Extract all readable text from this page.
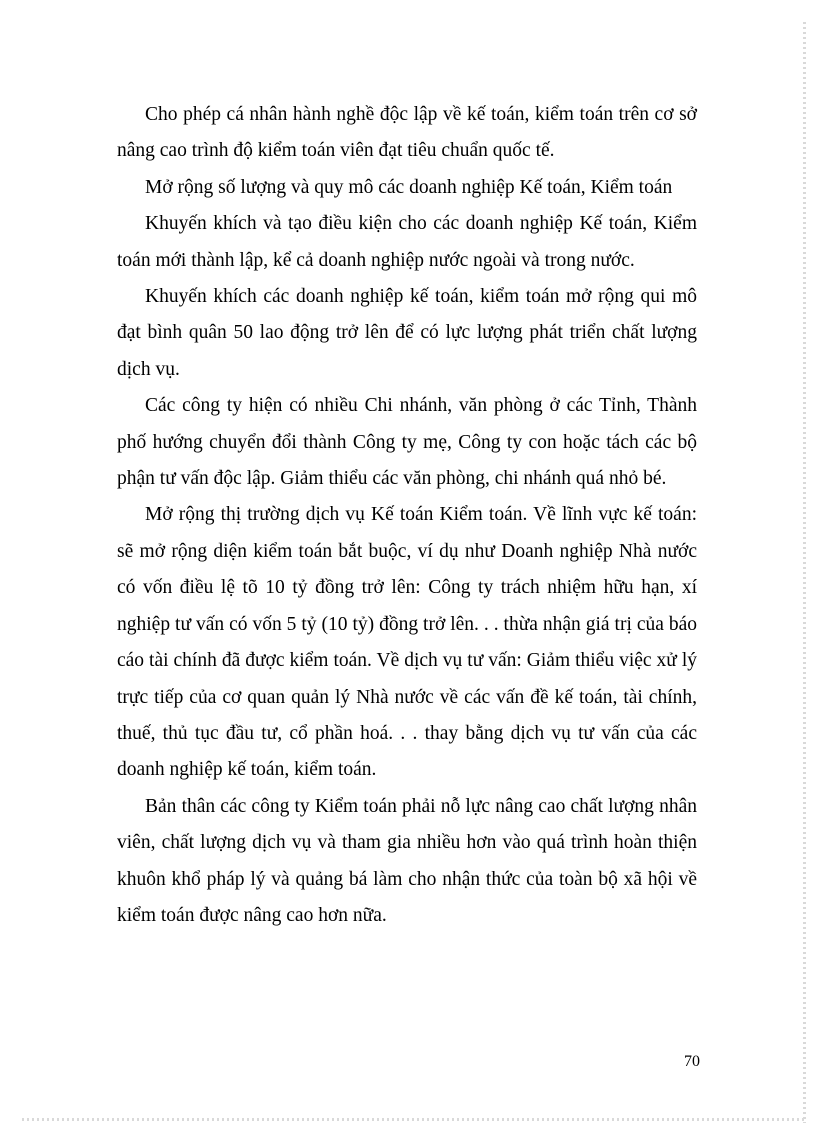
Cho phép cá nhân hành nghề độc lập về kế toán, kiểm toán trên cơ sở nâng cao trình độ kiểm toán viên đạt tiêu chuẩn quốc tế.

Mở rộng số lượng và quy mô các doanh nghiệp Kế toán, Kiểm toán

Khuyến khích và tạo điều kiện cho các doanh nghiệp Kế toán, Kiểm toán mới thành lập, kể cả doanh nghiệp nước ngoài và trong nước.

Khuyến khích các doanh nghiệp kế toán, kiểm toán mở rộng qui mô đạt bình quân 50 lao động trở lên để có lực lượng phát triển chất lượng dịch vụ.

Các công ty hiện có nhiều Chi nhánh, văn phòng ở các Tỉnh, Thành phố hướng chuyển đổi thành Công ty mẹ, Công ty con hoặc tách các bộ phận tư vấn độc lập. Giảm thiểu các văn phòng, chi nhánh quá nhỏ bé.

Mở rộng thị trường dịch vụ Kế toán Kiểm toán. Về lĩnh vực kế toán: sẽ mở rộng diện kiểm toán bắt buộc, ví dụ như Doanh nghiệp Nhà nước có vốn điều lệ tõ 10 tỷ đồng trở lên: Công ty trách nhiệm hữu hạn, xí nghiệp tư vấn có vốn 5 tỷ (10 tỷ) đồng trở lên. . . thừa nhận giá trị của báo cáo tài chính đã được kiểm toán. Về dịch vụ tư vấn: Giảm thiểu việc xử lý trực tiếp của cơ quan quản lý Nhà nước về các vấn đề kế toán, tài chính, thuế, thủ tục đầu tư, cổ phần hoá. . . thay bằng dịch vụ tư vấn của các doanh nghiệp kế toán, kiểm toán.

Bản thân các công ty Kiểm toán phải nỗ lực nâng cao chất lượng nhân viên, chất lượng dịch vụ và tham gia nhiều hơn vào quá trình hoàn thiện khuôn khổ pháp lý và quảng bá làm cho nhận thức của toàn bộ xã hội về kiểm toán được nâng cao hơn nữa.

70
